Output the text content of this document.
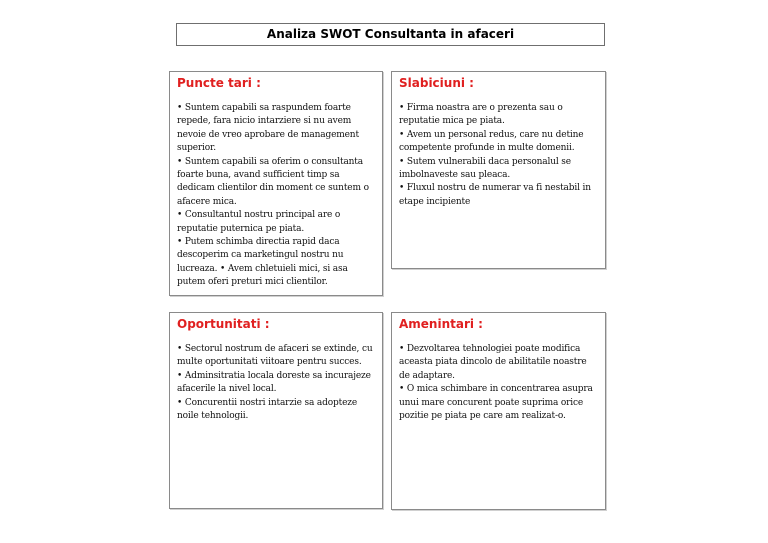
Analiza SWOT Consultanta in afaceri
Puncte tari :
• Suntem capabili sa raspundem foarte repede, fara nicio intarziere si nu avem nevoie de vreo aprobare de management superior.
• Suntem capabili sa oferim o consultanta foarte buna, avand sufficient timp sa dedicam clientilor din moment ce suntem o afacere mica.
• Consultantul nostru principal are o reputatie puternica pe piata.
• Putem schimba directia rapid daca descoperim ca marketingul nostru nu lucreaza. • Avem chletuieli mici, si asa putem oferi preturi mici clientilor.
Slabiciuni :
• Firma noastra are o prezenta sau o reputatie mica pe piata.
• Avem un personal redus, care nu detine competente profunde in multe domenii.
• Sutem vulnerabili daca personalul se imbolnaveste sau pleaca.
• Fluxul nostru de numerar va fi nestabil in etape incipiente
Oportunitati :
• Sectorul nostrum de afaceri se extinde, cu multe oportunitati viitoare pentru succes.
• Adminsitratia locala doreste sa incurajeze afacerile la nivel local.
• Concurentii nostri intarzie sa adopteze noile tehnologii.
Amenintari :
• Dezvoltarea tehnologiei poate modifica aceasta piata dincolo de abilitatile noastre de adaptare.
• O mica schimbare in concentrarea asupra unui mare concurent poate suprima orice pozitie pe piata pe care am realizat-o.
